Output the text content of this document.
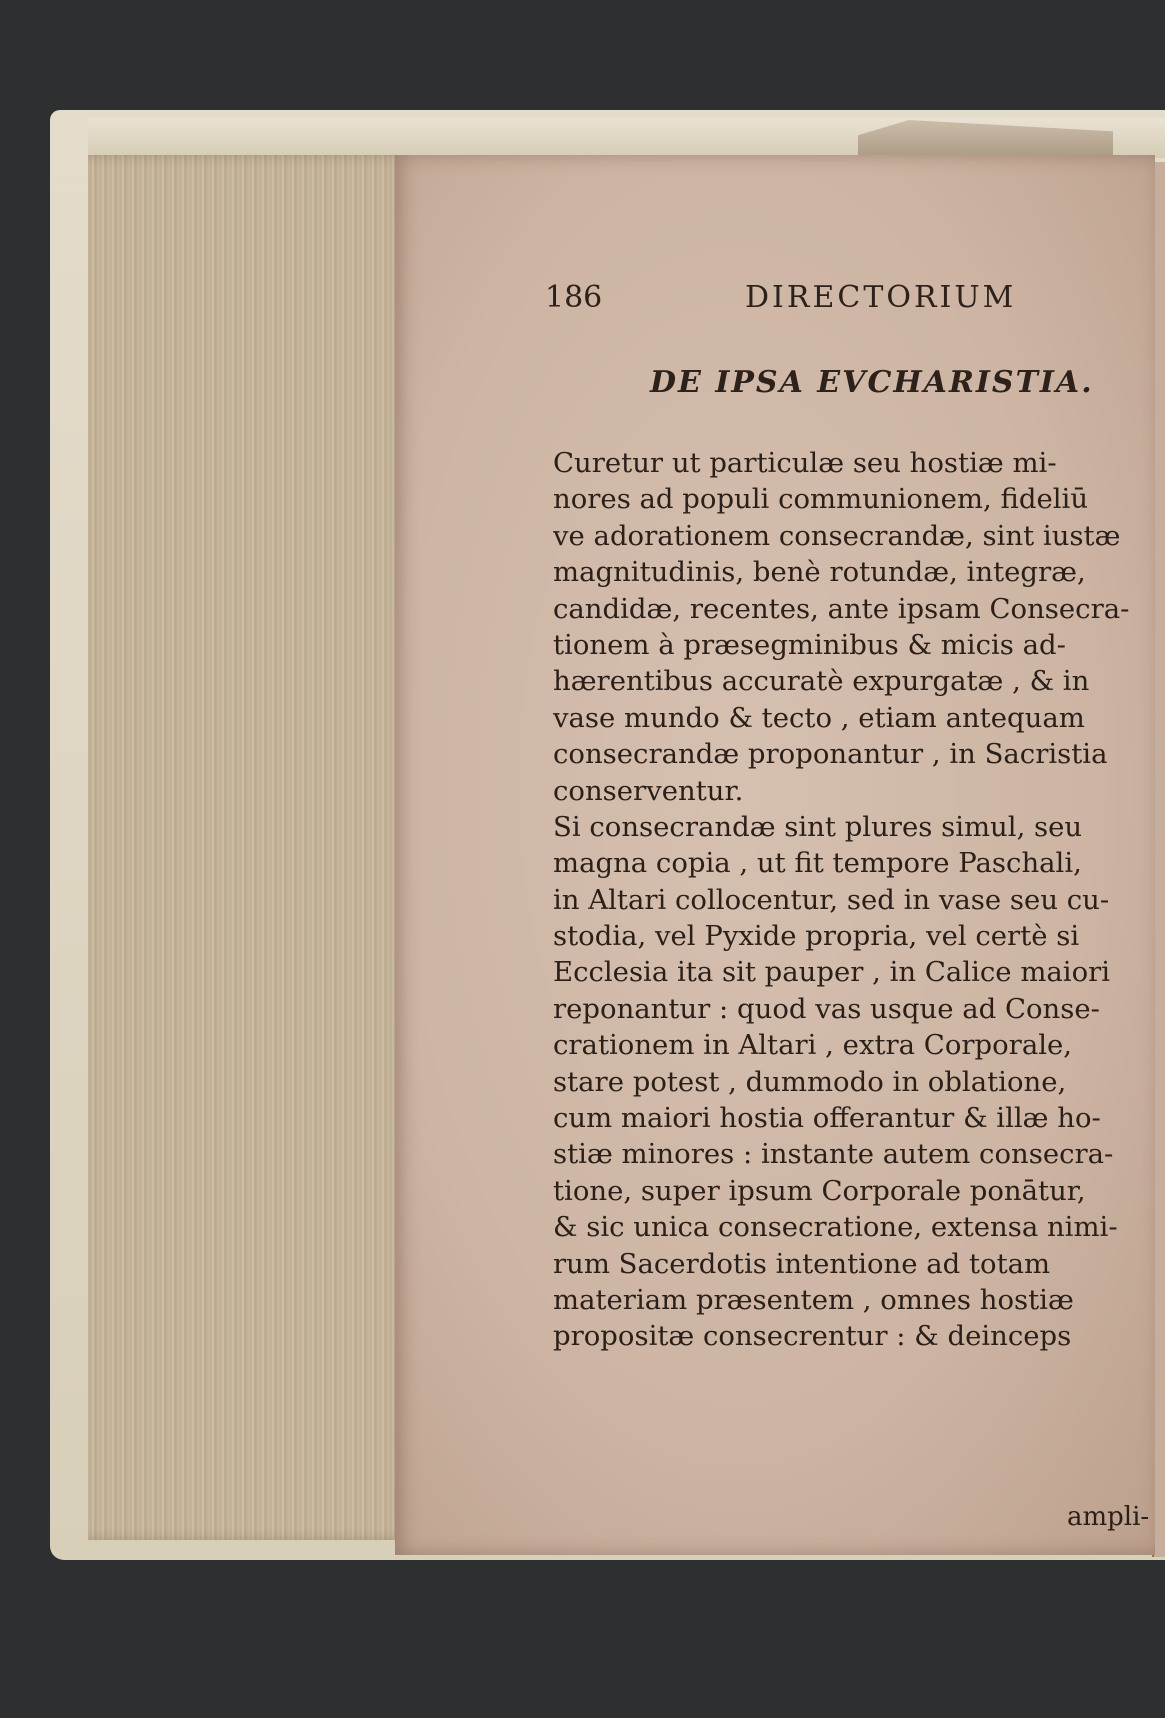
186	DIRECTORIUM
DE IPSA EVCHARISTIA.
Curetur ut particulæ seu hostiæ mi-
nores ad populi communionem, fideliū
ve adorationem consecrandæ, sint iustæ
magnitudinis, benè rotundæ, integræ,
candidæ, recentes, ante ipsam Consecra-
tionem à præsegminibus & micis ad-
hærentibus accuratè expurgatæ , & in
vase mundo & tecto , etiam antequam
consecrandæ proponantur , in Sacristia
conserventur.
Si consecrandæ sint plures simul, seu
magna copia , ut fit tempore Paschali,
in Altari collocentur, sed in vase seu cu-
stodia, vel Pyxide propria, vel certè si
Ecclesia ita sit pauper , in Calice maiori
reponantur : quod vas usque ad Conse-
crationem in Altari , extra Corporale,
stare potest , dummodo in oblatione,
cum maiori hostia offerantur & illæ ho-
stiæ minores : instante autem consecra-
tione, super ipsum Corporale ponātur,
& sic unica consecratione, extensa nimi-
rum Sacerdotis intentione ad totam
materiam præsentem , omnes hostiæ
propositæ consecrentur : & deinceps
ampli-
